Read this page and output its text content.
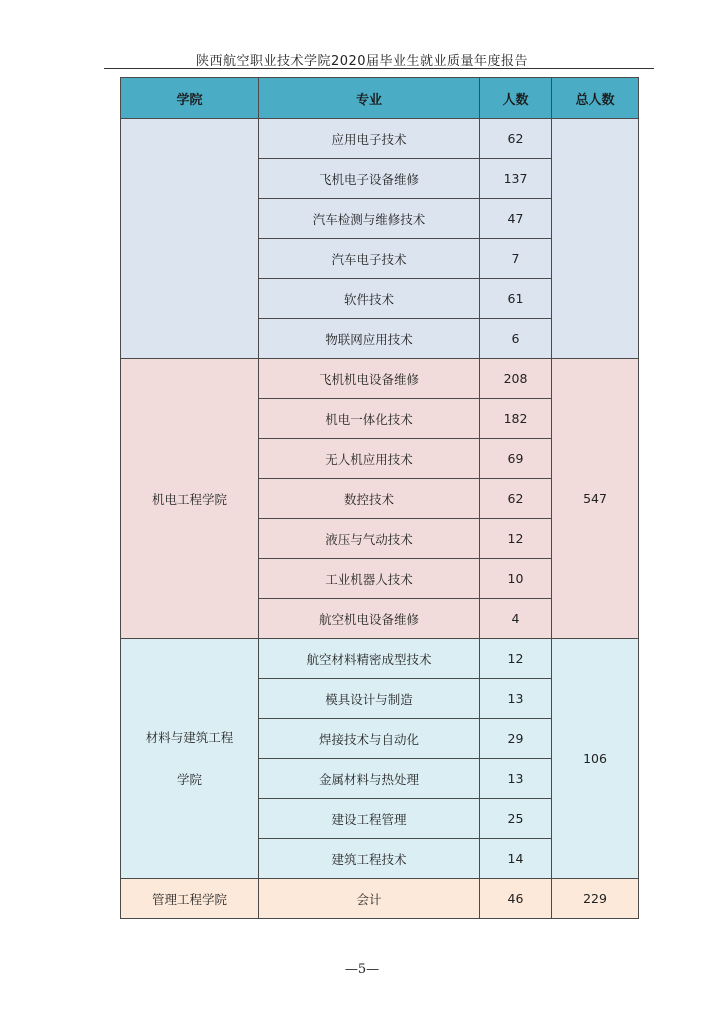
陕西航空职业技术学院2020届毕业生就业质量年度报告
学院	专业	人数	总人数
	应用电子技术	62	
	飞机电子设备维修	137	
	汽车检测与维修技术	47	
	汽车电子技术	7	
	软件技术	61	
	物联网应用技术	6	
机电工程学院	飞机机电设备维修	208	547
	机电一体化技术	182	
	无人机应用技术	69	
	数控技术	62	
	液压与气动技术	12	
	工业机器人技术	10	
	航空机电设备维修	4	

材料与建筑工程
学院	航空材料精密成型技术	12	106
	模具设计与制造	13	
	焊接技术与自动化	29	
	金属材料与热处理	13	
	建设工程管理	25	
	建筑工程技术	14	
管理工程学院	会计	46	229
—5—
